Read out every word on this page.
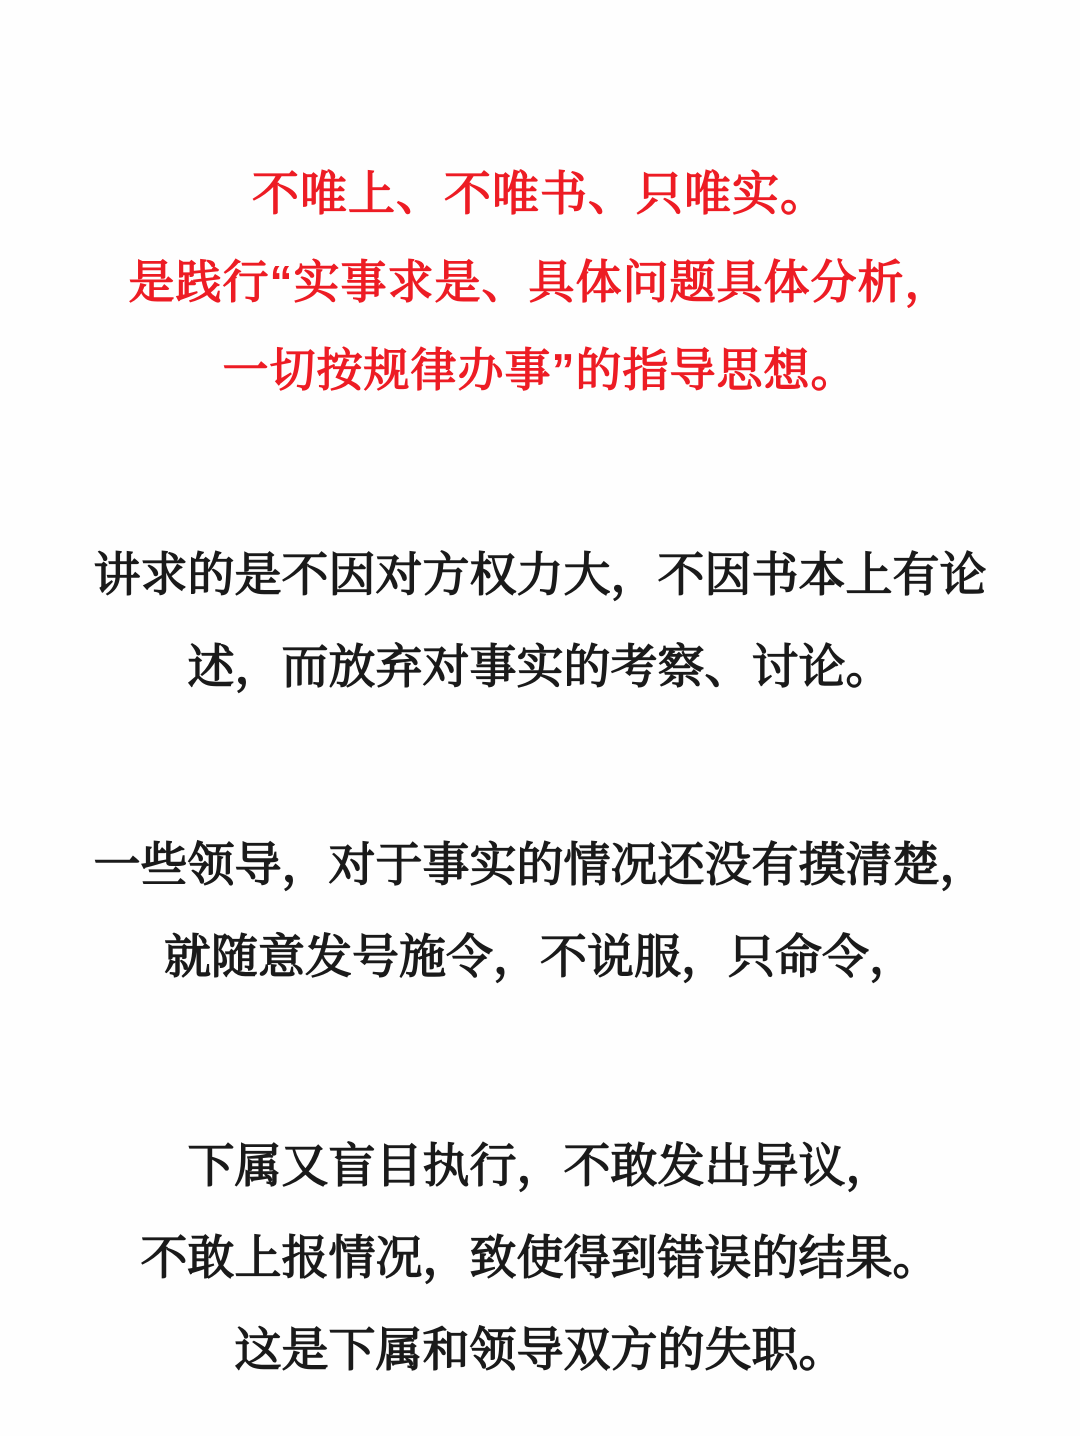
不唯上、不唯书、只唯实。
是践行“实事求是、具体问题具体分析，
一切按规律办事”的指导思想。
讲求的是不因对方权力大，不因书本上有论
述，而放弃对事实的考察、讨论。
一些领导，对于事实的情况还没有摸清楚，
就随意发号施令，不说服，只命令，
下属又盲目执行，不敢发出异议，
不敢上报情况，致使得到错误的结果。
这是下属和领导双方的失职。
